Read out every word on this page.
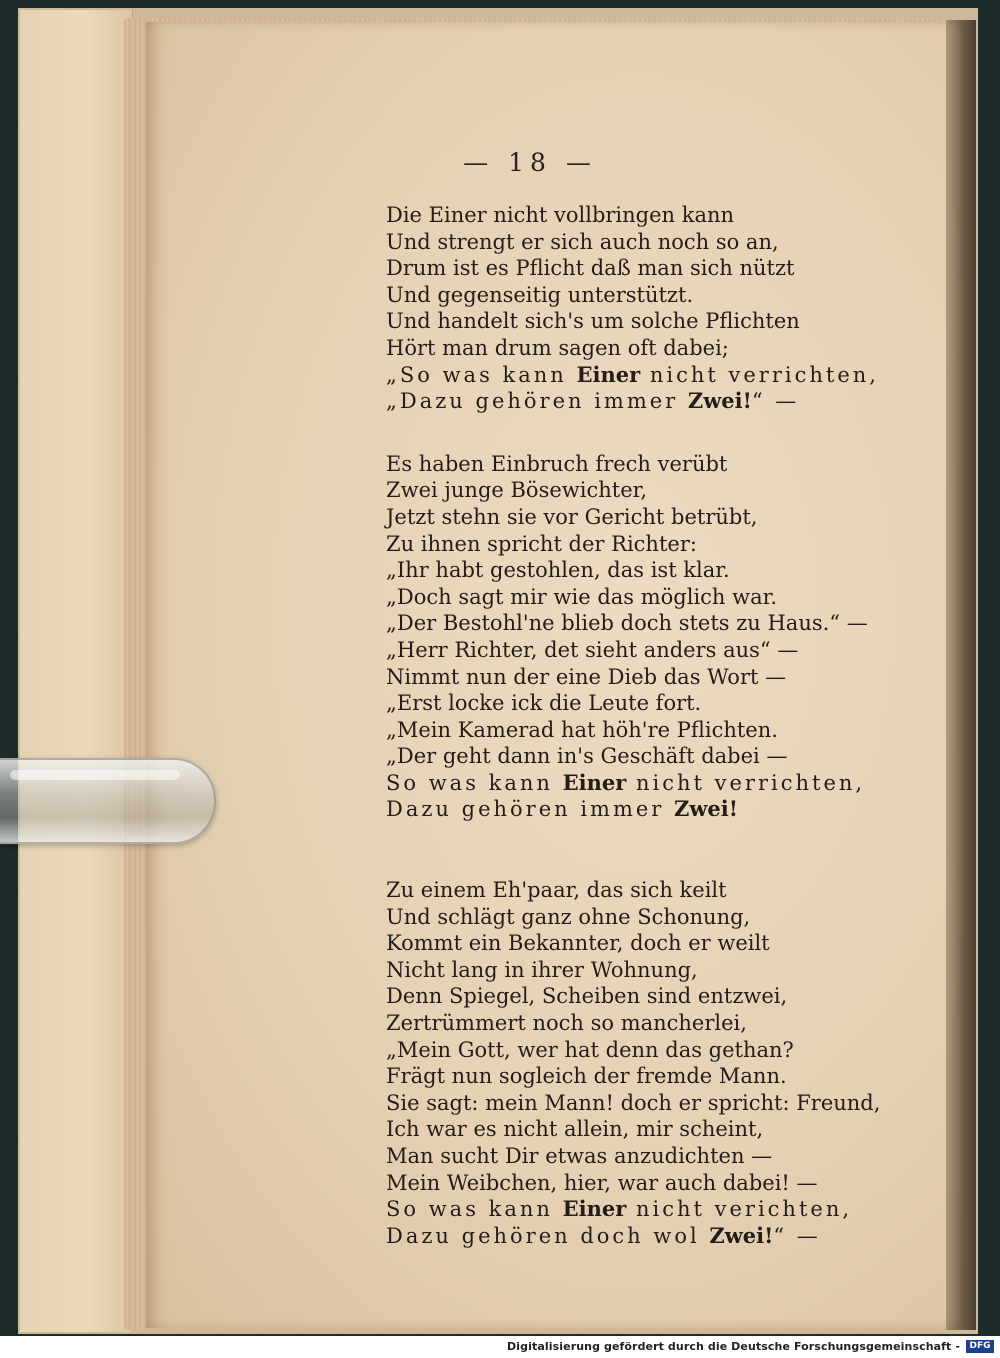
— 18 —
Die Einer nicht vollbringen kann
Und strengt er sich auch noch so an,
Drum ist es Pflicht daß man sich nützt
Und gegenseitig unterstützt.
Und handelt sich's um solche Pflichten
Hört man drum sagen oft dabei;
„So was kann Einer nicht verrichten,
„Dazu gehören immer Zwei!“ —
Es haben Einbruch frech verübt
Zwei junge Bösewichter,
Jetzt stehn sie vor Gericht betrübt,
Zu ihnen spricht der Richter:
„Ihr habt gestohlen, das ist klar.
„Doch sagt mir wie das möglich war.
„Der Bestohl'ne blieb doch stets zu Haus.“ —
„Herr Richter, det sieht anders aus“ —
Nimmt nun der eine Dieb das Wort —
„Erst locke ick die Leute fort.
„Mein Kamerad hat höh're Pflichten.
„Der geht dann in's Geschäft dabei —
So was kann Einer nicht verrichten,
Dazu gehören immer Zwei!
Zu einem Eh'paar, das sich keilt
Und schlägt ganz ohne Schonung,
Kommt ein Bekannter, doch er weilt
Nicht lang in ihrer Wohnung,
Denn Spiegel, Scheiben sind entzwei,
Zertrümmert noch so mancherlei,
„Mein Gott, wer hat denn das gethan?
Frägt nun sogleich der fremde Mann.
Sie sagt: mein Mann! doch er spricht: Freund,
Ich war es nicht allein, mir scheint,
Man sucht Dir etwas anzudichten —
Mein Weibchen, hier, war auch dabei! —
So was kann Einer nicht verichten,
Dazu gehören doch wol Zwei!“ —
Digitalisierung gefördert durch die Deutsche Forschungsgemeinschaft -	DFG
